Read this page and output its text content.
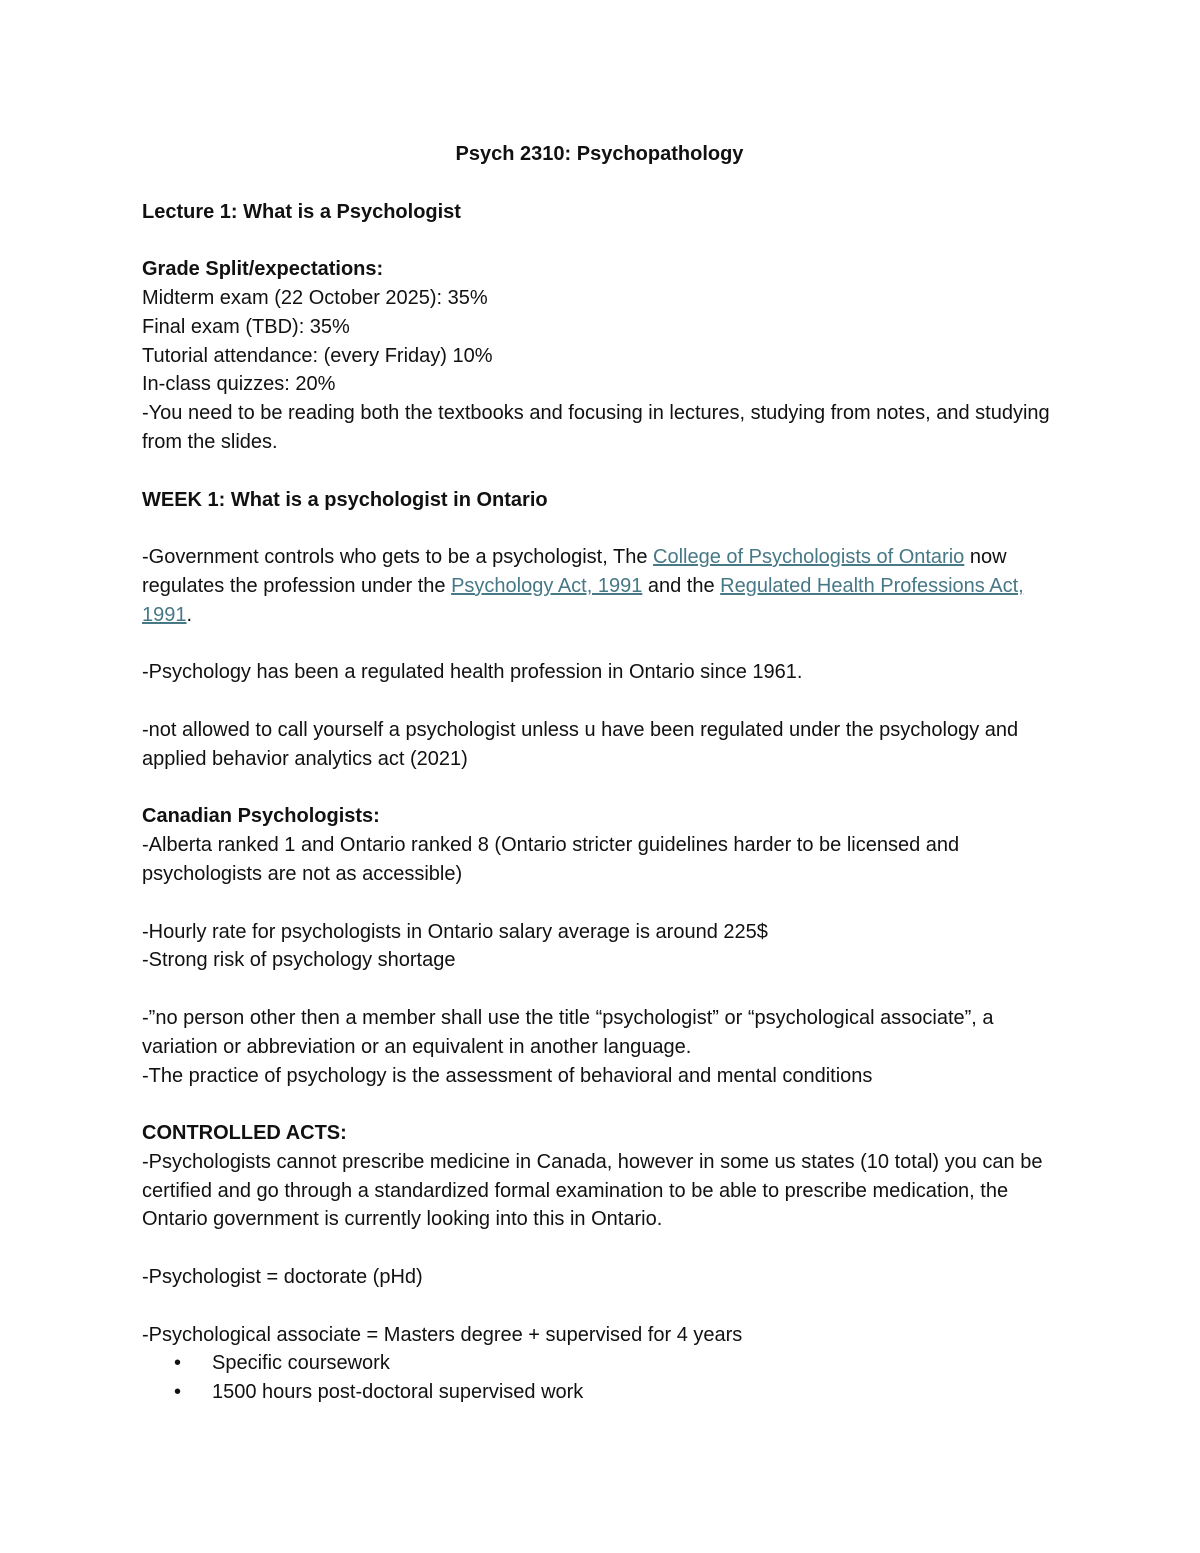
Psych 2310: Psychopathology

Lecture 1: What is a Psychologist

Grade Split/expectations:

Midterm exam (22 October 2025): 35%

Final exam (TBD): 35%

Tutorial attendance: (every Friday) 10%

In-class quizzes: 20%

-You need to be reading both the textbooks and focusing in lectures, studying from notes, and studying from the slides.

WEEK 1: What is a psychologist in Ontario

-Government controls who gets to be a psychologist, The College of Psychologists of Ontario now regulates the profession under the Psychology Act, 1991 and the Regulated Health Professions Act, 1991.

-Psychology has been a regulated health profession in Ontario since 1961.

-not allowed to call yourself a psychologist unless u have been regulated under the psychology and applied behavior analytics act (2021)

Canadian Psychologists:

-Alberta ranked 1 and Ontario ranked 8 (Ontario stricter guidelines harder to be licensed and psychologists are not as accessible)

-Hourly rate for psychologists in Ontario salary average is around 225$

-Strong risk of psychology shortage

-”no person other then a member shall use the title “psychologist” or “psychological associate”, a variation or abbreviation or an equivalent in another language.

-The practice of psychology is the assessment of behavioral and mental conditions

CONTROLLED ACTS:

-Psychologists cannot prescribe medicine in Canada, however in some us states (10 total) you can be certified and go through a standardized formal examination to be able to prescribe medication, the Ontario government is currently looking into this in Ontario.

-Psychologist = doctorate (pHd)

-Psychological associate = Masters degree + supervised for 4 years

• Specific coursework
• 1500 hours post-doctoral supervised work
